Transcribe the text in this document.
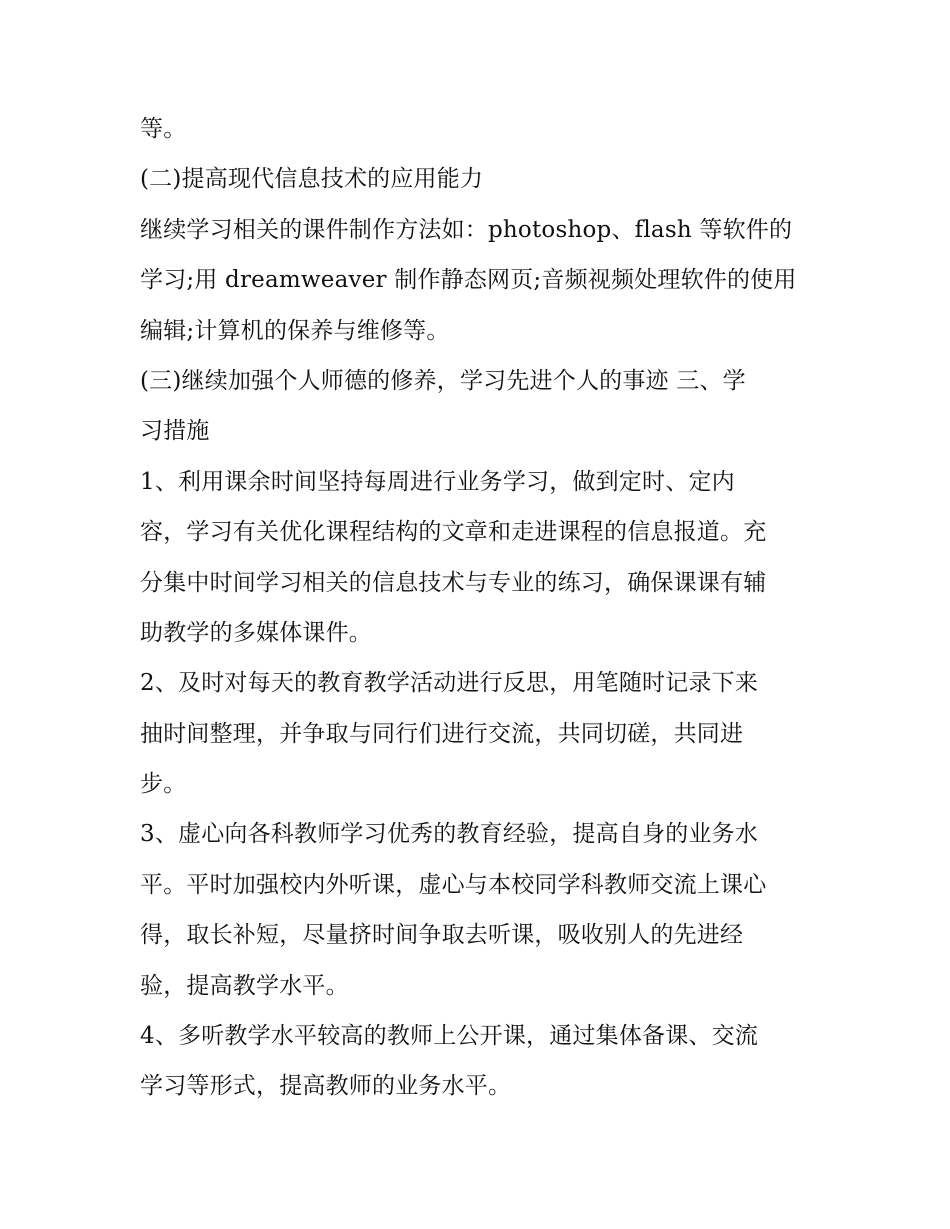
等。
(二)提高现代信息技术的应用能力
继续学习相关的课件制作方法如：photoshop、flash 等软件的
学习;用 dreamweaver 制作静态网页;音频视频处理软件的使用
编辑;计算机的保养与维修等。
(三)继续加强个人师德的修养，学习先进个人的事迹 三、学
习措施
1、利用课余时间坚持每周进行业务学习，做到定时、定内
容，学习有关优化课程结构的文章和走进课程的信息报道。充
分集中时间学习相关的信息技术与专业的练习，确保课课有辅
助教学的多媒体课件。
2、及时对每天的教育教学活动进行反思，用笔随时记录下来
抽时间整理，并争取与同行们进行交流，共同切磋，共同进
步。
3、虚心向各科教师学习优秀的教育经验，提高自身的业务水
平。平时加强校内外听课，虚心与本校同学科教师交流上课心
得，取长补短，尽量挤时间争取去听课，吸收别人的先进经
验，提高教学水平。
4、多听教学水平较高的教师上公开课，通过集体备课、交流
学习等形式，提高教师的业务水平。
